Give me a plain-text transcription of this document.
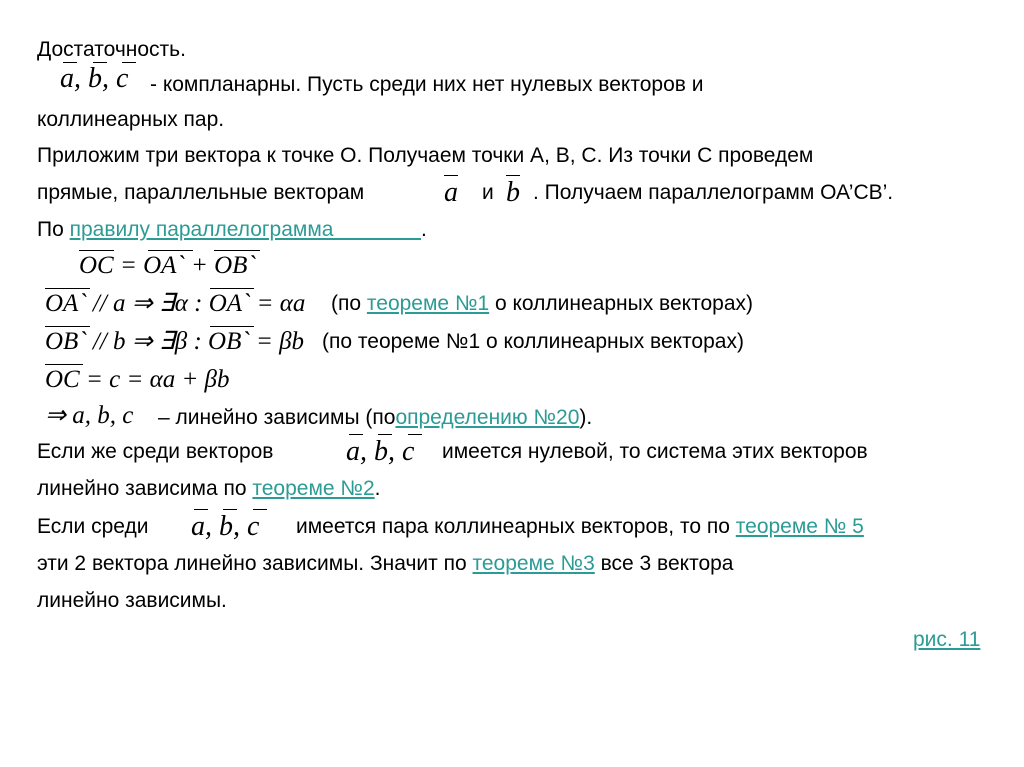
Достаточность.
a, b, c - компланарны. Пусть среди них нет нулевых векторов и
коллинеарных пар.
Приложим три вектора к точке О. Получаем точки А, В, С. Из точки С проведем
прямые, параллельные векторам	a и b . Получаем параллелограмм ОА’СВ’.
По правилу параллелограмма               .
OC = OA` + OB`
OA` // a ⇒ ∃α : OA` = αa (по теореме №1 о коллинеарных векторах)
OB` // b ⇒ ∃β : OB` = βb (по теореме №1 о коллинеарных векторах)
OC = c = αa + βb
⇒ a, b, c – линейно зависимы (поопределению №20).
Если же среди векторов	a, b, c имеется нулевой, то система этих векторов
линейно зависима по теореме №2.
Если среди a, b, c имеется пара коллинеарных векторов, то по теореме № 5
эти 2 вектора линейно зависимы. Значит по теореме №3 все 3 вектора
линейно зависимы.
рис. 11
